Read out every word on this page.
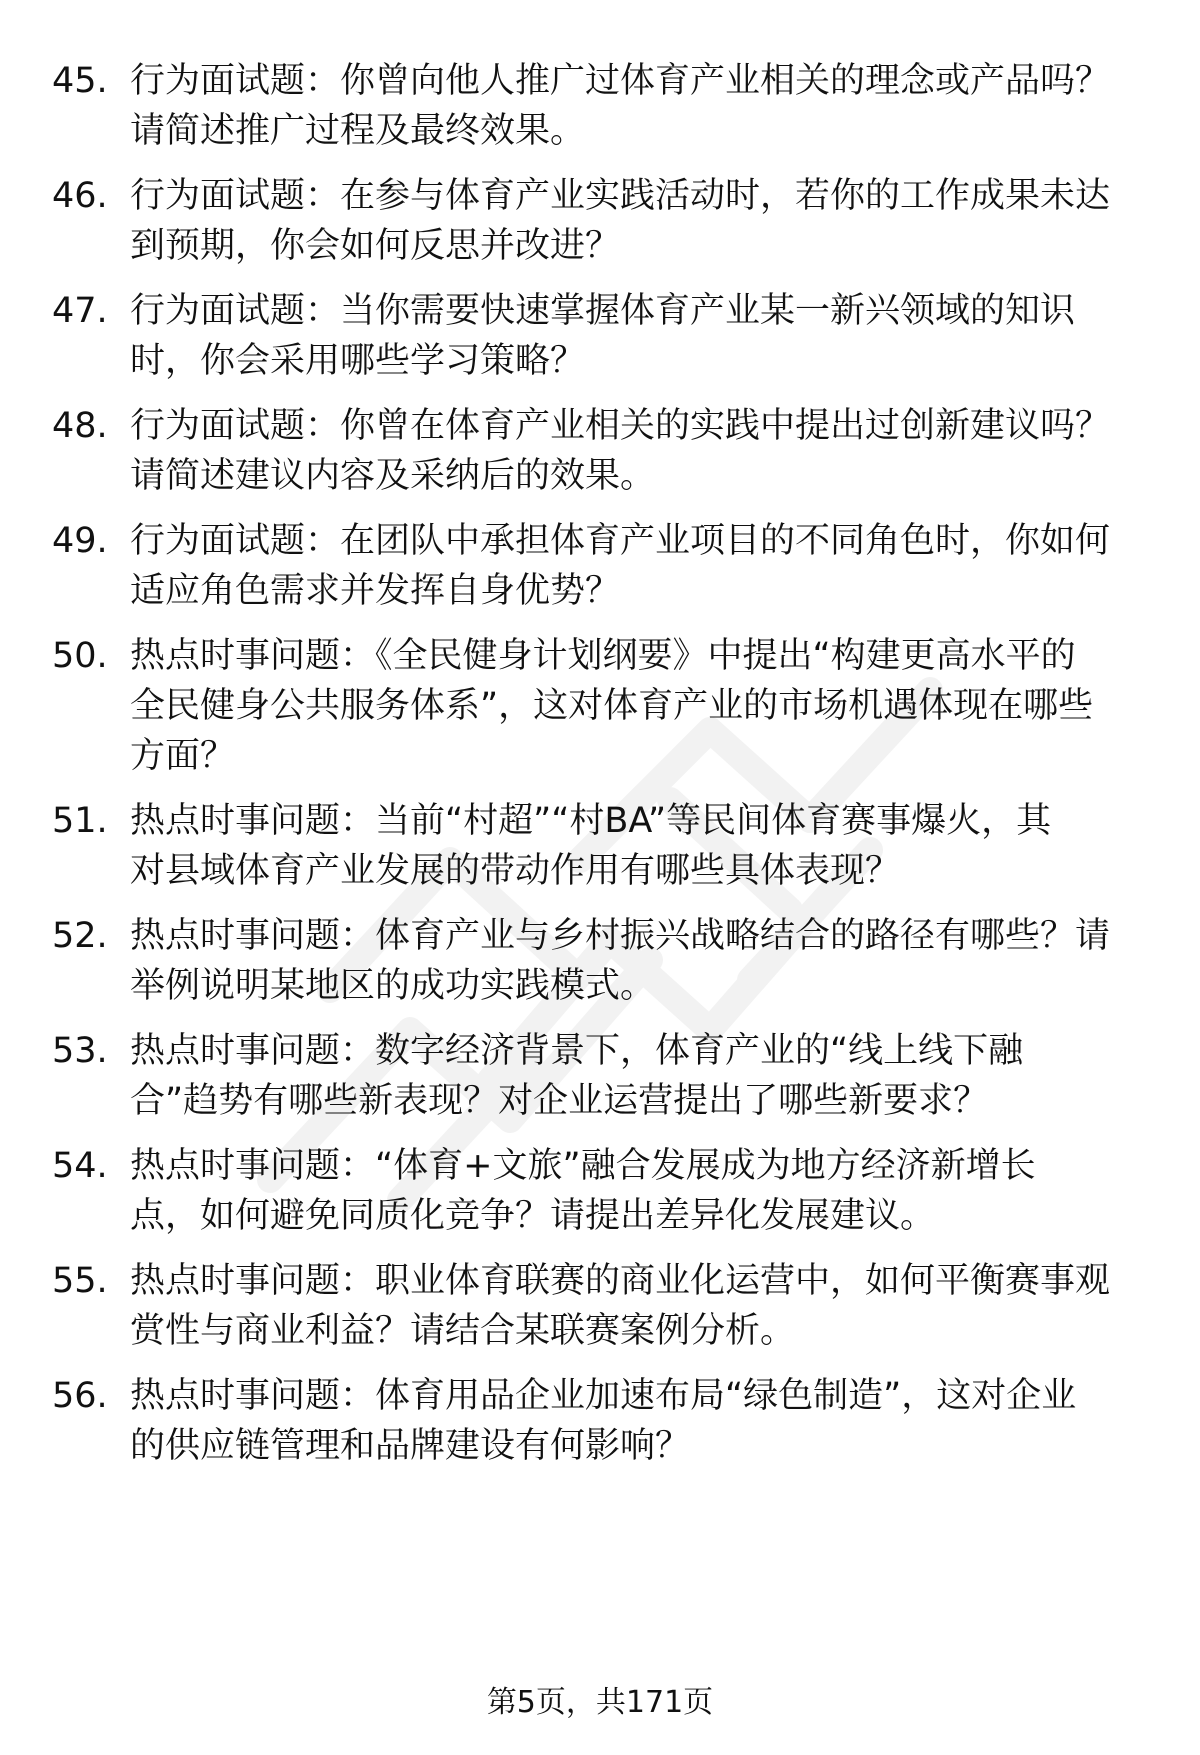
45. 行为面试题：你曾向他人推广过体育产业相关的理念或产品吗？
请简述推广过程及最终效果。
46. 行为面试题：在参与体育产业实践活动时，若你的工作成果未达
到预期，你会如何反思并改进？
47. 行为面试题：当你需要快速掌握体育产业某一新兴领域的知识
时，你会采用哪些学习策略？
48. 行为面试题：你曾在体育产业相关的实践中提出过创新建议吗？
请简述建议内容及采纳后的效果。
49. 行为面试题：在团队中承担体育产业项目的不同角色时，你如何
适应角色需求并发挥自身优势？
50. 热点时事问题：《全民健身计划纲要》中提出“构建更高水平的
全民健身公共服务体系”，这对体育产业的市场机遇体现在哪些
方面？
51. 热点时事问题：当前“村超”“村BA”等民间体育赛事爆火，其
对县域体育产业发展的带动作用有哪些具体表现？
52. 热点时事问题：体育产业与乡村振兴战略结合的路径有哪些？请
举例说明某地区的成功实践模式。
53. 热点时事问题：数字经济背景下，体育产业的“线上线下融
合”趋势有哪些新表现？对企业运营提出了哪些新要求？
54. 热点时事问题：“体育+文旅”融合发展成为地方经济新增长
点，如何避免同质化竞争？请提出差异化发展建议。
55. 热点时事问题：职业体育联赛的商业化运营中，如何平衡赛事观
赏性与商业利益？请结合某联赛案例分析。
56. 热点时事问题：体育用品企业加速布局“绿色制造”，这对企业
的供应链管理和品牌建设有何影响？
第5页，共171页
